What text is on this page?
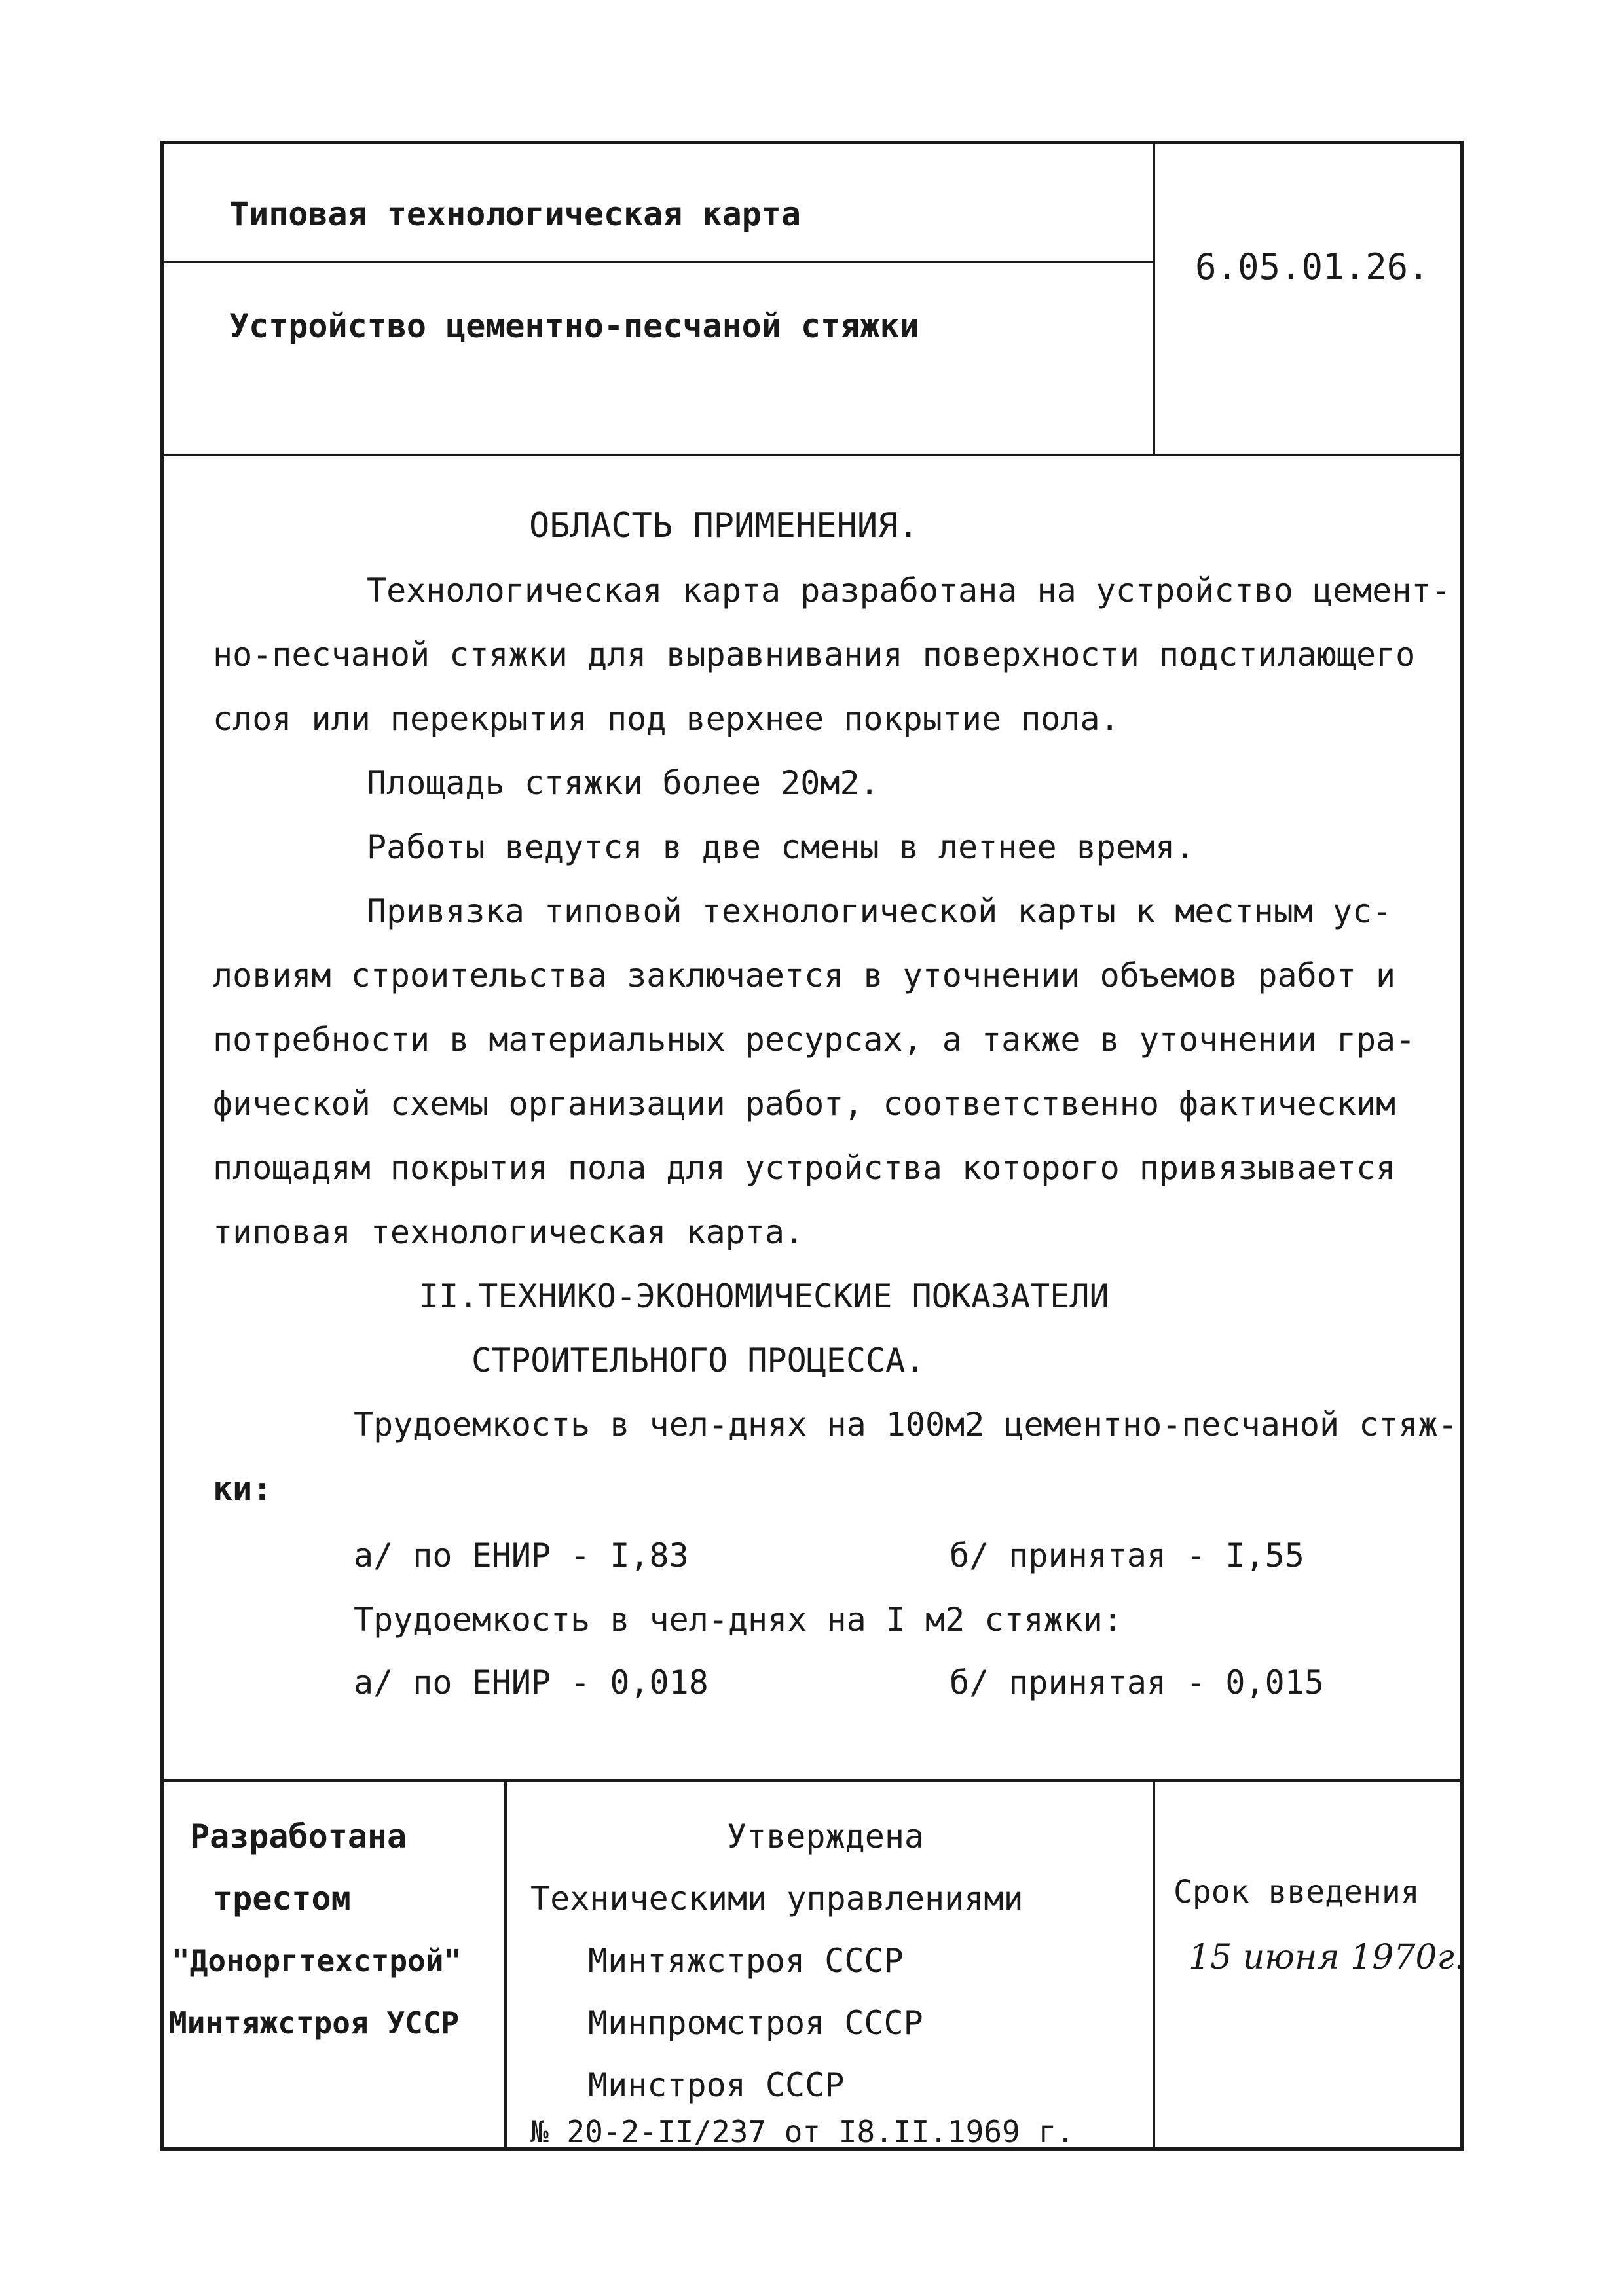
Типовая технологическая карта
Устройство цементно-песчаной стяжки
6.05.01.26.
ОБЛАСТЬ ПРИМЕНЕНИЯ.
Технологическая карта разработана на устройство цемент-
но-песчаной стяжки для выравнивания поверхности подстилающего
слоя или перекрытия под верхнее покрытие пола.
Площадь стяжки более 20м2.
Работы ведутся в две смены в летнее время.
Привязка типовой технологической карты к местным ус-
ловиям строительства заключается в уточнении объемов работ и
потребности в материальных ресурсах, а также в уточнении гра-
фической схемы организации работ, соответственно фактическим
площадям покрытия пола для устройства которого привязывается
типовая технологическая карта.
II.ТЕХНИКО-ЭКОНОМИЧЕСКИЕ ПОКАЗАТЕЛИ
СТРОИТЕЛЬНОГО ПРОЦЕССА.
Трудоемкость в чел-днях на 100м2 цементно-песчаной стяж-
ки:
а/ по ЕНИР - I,83	б/ принятая - I,55
Трудоемкость в чел-днях на I м2 стяжки:
а/ по ЕНИР - 0,018	б/ принятая - 0,015
Разработана
трестом
"Доноргтехстрой"
Минтяжстроя УССР
Утверждена
Техническими управлениями
Минтяжстроя СССР
Минпромстроя СССР
Минстроя СССР
№ 20-2-II/237 от I8.II.1969 г.
Срок введения
15 июня 1970г.
